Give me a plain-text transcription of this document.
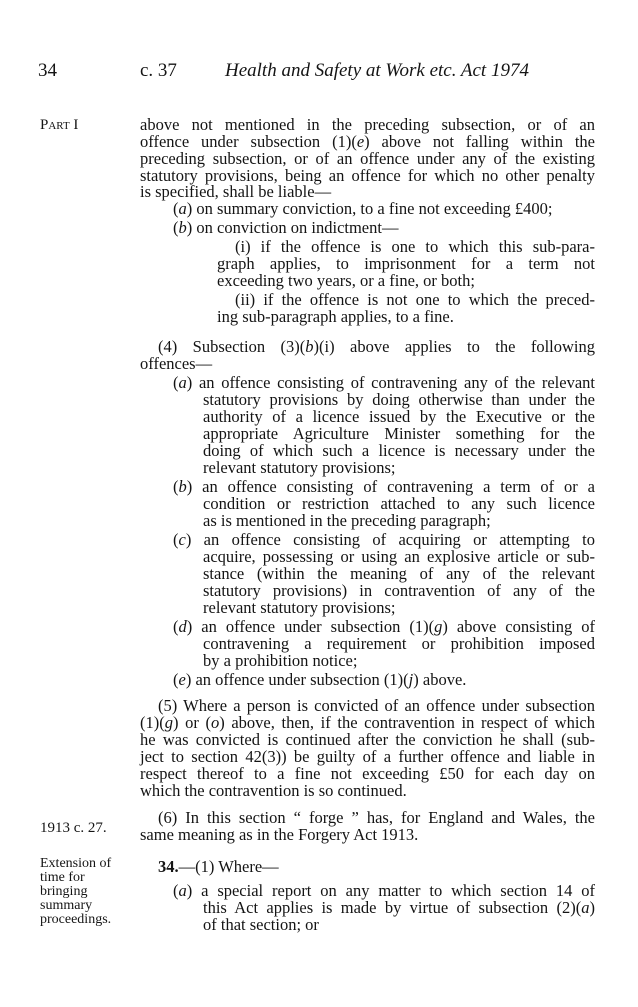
34	c. 37	Health and Safety at Work etc. Act 1974
Part I
1913 c. 27.
Extension of
time for
bringing
summary
proceedings.
above not mentioned in the preceding subsection, or of an
offence under subsection (1)(e) above not falling within the
preceding subsection, or of an offence under any of the existing
statutory provisions, being an offence for which no other penalty
is specified, shall be liable—
(a) on summary conviction, to a fine not exceeding £400;
(b) on conviction on indictment—
(i) if the offence is one to which this sub-para-
graph applies, to imprisonment for a term not
exceeding two years, or a fine, or both;
(ii) if the offence is not one to which the preced-
ing sub-paragraph applies, to a fine.
(4) Subsection (3)(b)(i) above applies to the following
offences—
(a) an offence consisting of contravening any of the relevant
statutory provisions by doing otherwise than under the
authority of a licence issued by the Executive or the
appropriate Agriculture Minister something for the
doing of which such a licence is necessary under the
relevant statutory provisions;
(b) an offence consisting of contravening a term of or a
condition or restriction attached to any such licence
as is mentioned in the preceding paragraph;
(c) an offence consisting of acquiring or attempting to
acquire, possessing or using an explosive article or sub-
stance (within the meaning of any of the relevant
statutory provisions) in contravention of any of the
relevant statutory provisions;
(d) an offence under subsection (1)(g) above consisting of
contravening a requirement or prohibition imposed
by a prohibition notice;
(e) an offence under subsection (1)(j) above.
(5) Where a person is convicted of an offence under subsection
(1)(g) or (o) above, then, if the contravention in respect of which
he was convicted is continued after the conviction he shall (sub-
ject to section 42(3)) be guilty of a further offence and liable in
respect thereof to a fine not exceeding £50 for each day on
which the contravention is so continued.
(6) In this section “ forge ” has, for England and Wales, the
same meaning as in the Forgery Act 1913.
34.—(1) Where—
(a) a special report on any matter to which section 14 of
this Act applies is made by virtue of subsection (2)(a)
of that section; or
